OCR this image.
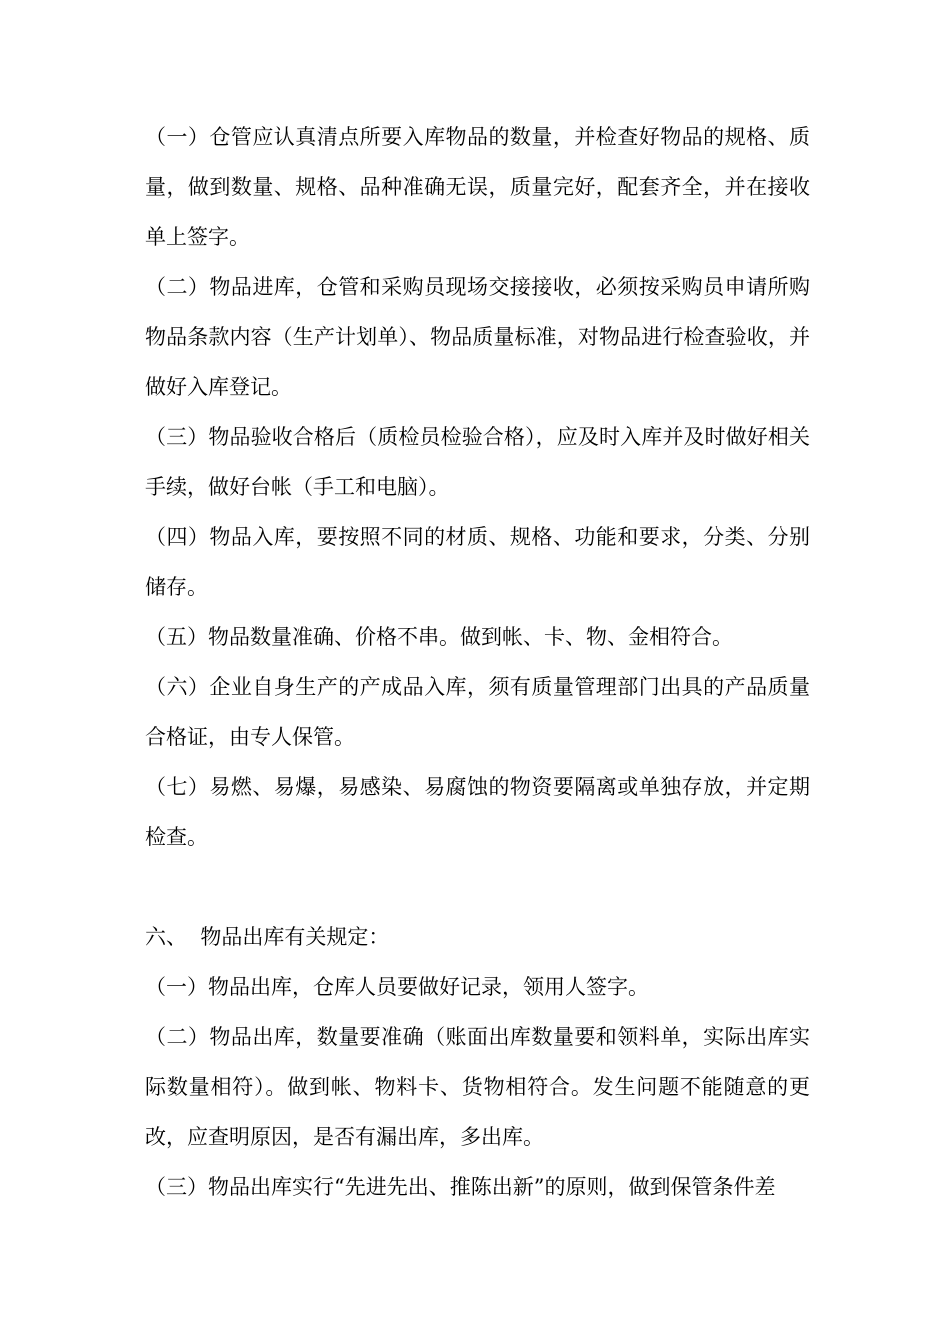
（一）仓管应认真清点所要入库物品的数量，并检查好物品的规格、质量，做到数量、规格、品种准确无误，质量完好，配套齐全，并在接收单上签字。

（二）物品进库，仓管和采购员现场交接接收，必须按采购员申请所购物品条款内容（生产计划单）、物品质量标准，对物品进行检查验收，并做好入库登记。

（三）物品验收合格后（质检员检验合格），应及时入库并及时做好相关手续，做好台帐（手工和电脑）。

（四）物品入库，要按照不同的材质、规格、功能和要求，分类、分别储存。

（五）物品数量准确、价格不串。做到帐、卡、物、金相符合。

（六）企业自身生产的产成品入库，须有质量管理部门出具的产品质量合格证，由专人保管。

（七）易燃、易爆，易感染、易腐蚀的物资要隔离或单独存放，并定期检查。

六、  物品出库有关规定：

（一）物品出库，仓库人员要做好记录，领用人签字。

（二）物品出库，数量要准确（账面出库数量要和领料单，实际出库实际数量相符）。做到帐、物料卡、货物相符合。发生问题不能随意的更改，应查明原因，是否有漏出库，多出库。

（三）物品出库实行“先进先出、推陈出新”的原则，做到保管条件差
